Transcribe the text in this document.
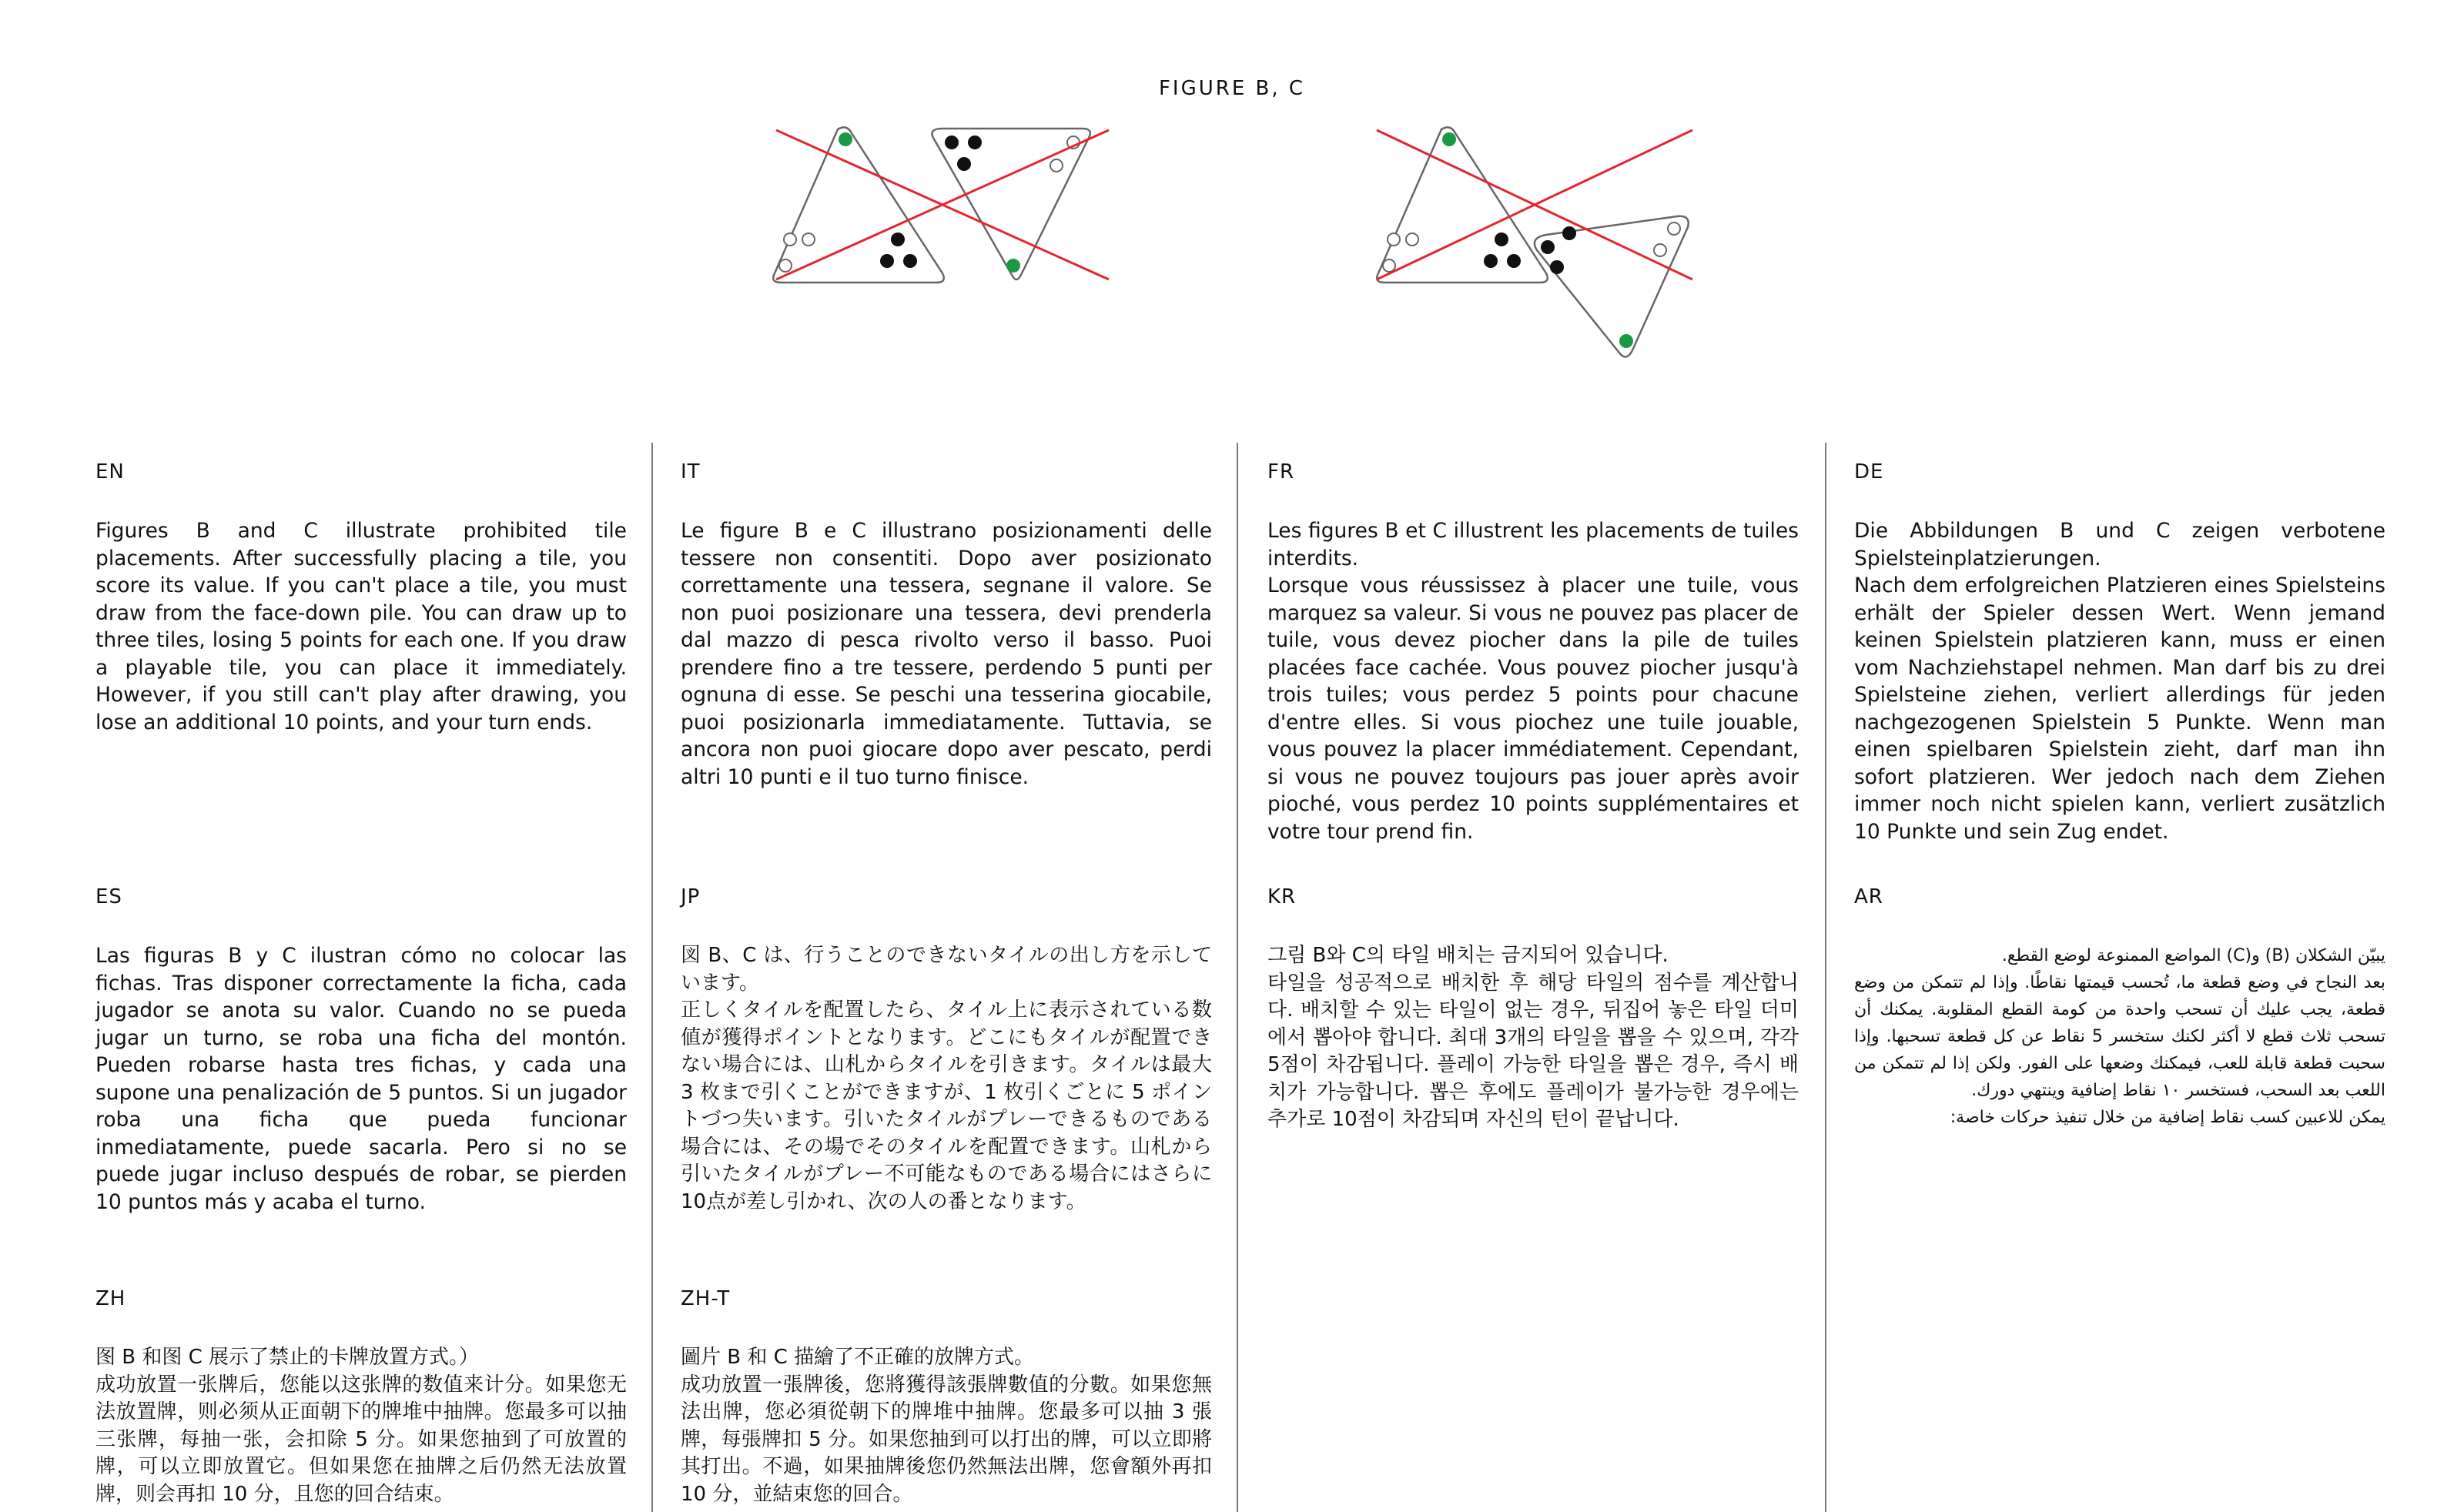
FIGURE B, C
EN

Figures B and C illustrate prohibited tile placements. After successfully placing a tile, you score its value. If you can't place a tile, you must draw from the face-down pile. You can draw up to three tiles, losing 5 points for each one. If you draw a playable tile, you can place it immediately. However, if you still can't play after drawing, you lose an additional 10 points, and your turn ends.

IT

Le figure B e C illustrano posizionamenti delle tessere non consentiti. Dopo aver posizionato correttamente una tessera, segnane il valore. Se non puoi posizionare una tessera, devi prenderla dal mazzo di pesca rivolto verso il basso. Puoi prendere fino a tre tessere, perdendo 5 punti per ognuna di esse. Se peschi una tesserina giocabile, puoi posizionarla immediatamente. Tuttavia, se ancora non puoi giocare dopo aver pescato, perdi altri 10 punti e il tuo turno finisce.

FR

Les figures B et C illustrent les placements de tuiles interdits.
Lorsque vous réussissez à placer une tuile, vous marquez sa valeur. Si vous ne pouvez pas placer de tuile, vous devez piocher dans la pile de tuiles placées face cachée. Vous pouvez piocher jusqu'à trois tuiles; vous perdez 5 points pour chacune d'entre elles. Si vous piochez une tuile jouable, vous pouvez la placer immédiatement. Cependant, si vous ne pouvez toujours pas jouer après avoir pioché, vous perdez 10 points supplémentaires et votre tour prend fin.

DE

Die Abbildungen B und C zeigen verbotene Spielsteinplatzierungen.
Nach dem erfolgreichen Platzieren eines Spielsteins erhält der Spieler dessen Wert. Wenn jemand keinen Spielstein platzieren kann, muss er einen vom Nachziehstapel nehmen. Man darf bis zu drei Spielsteine ziehen, verliert allerdings für jeden nachgezogenen Spielstein 5 Punkte. Wenn man einen spielbaren Spielstein zieht, darf man ihn sofort platzieren. Wer jedoch nach dem Ziehen immer noch nicht spielen kann, verliert zusätzlich 10 Punkte und sein Zug endet.

ES

Las figuras B y C ilustran cómo no colocar las fichas. Tras disponer correctamente la ficha, cada jugador se anota su valor. Cuando no se pueda jugar un turno, se roba una ficha del montón. Pueden robarse hasta tres fichas, y cada una supone una penalización de 5 puntos. Si un jugador roba una ficha que pueda funcionar inmediatamente, puede sacarla. Pero si no se puede jugar incluso después de robar, se pierden 10 puntos más y acaba el turno.

JP

図 B、C は、行うことのできないタイルの出し方を示しています。
正しくタイルを配置したら、タイル上に表示されている数値が獲得ポイントとなります。どこにもタイルが配置できない場合には、山札からタイルを引きます。タイルは最大 3 枚まで引くことができますが、1 枚引くごとに 5 ポイントづつ失います。引いたタイルがプレーできるものである場合には、その場でそのタイルを配置できます。山札から引いたタイルがプレー不可能なものである場合にはさらに10点が差し引かれ、次の人の番となります。

KR

그림 B와 C의 타일 배치는 금지되어 있습니다.
타일을 성공적으로 배치한 후 해당 타일의 점수를 계산합니다. 배치할 수 있는 타일이 없는 경우, 뒤집어 놓은 타일 더미에서 뽑아야 합니다. 최대 3개의 타일을 뽑을 수 있으며, 각각 5점이 차감됩니다. 플레이 가능한 타일을 뽑은 경우, 즉시 배치가 가능합니다. 뽑은 후에도 플레이가 불가능한 경우에는 추가로 10점이 차감되며 자신의 턴이 끝납니다.

AR

يبيّن الشكلان (B) و(C) المواضع الممنوعة لوضع القطع.
بعد النجاح في وضع قطعة ما، تُحسب قيمتها نقاطًا. وإذا لم تتمكن من وضع قطعة، يجب عليك أن تسحب واحدة من كومة القطع المقلوبة. يمكنك أن تسحب ثلاث قطع لا أكثر لكنك ستخسر 5 نقاط عن كل قطعة تسحبها. وإذا سحبت قطعة قابلة للعب، فيمكنك وضعها على الفور. ولكن إذا لم تتمكن من اللعب بعد السحب، فستخسر ١٠ نقاط إضافية وينتهي دورك.
يمكن للاعبين كسب نقاط إضافية من خلال تنفيذ حركات خاصة:

ZH

图 B 和图 C 展示了禁止的卡牌放置方式。）
成功放置一张牌后，您能以这张牌的数值来计分。如果您无法放置牌，则必须从正面朝下的牌堆中抽牌。您最多可以抽三张牌，每抽一张，会扣除 5 分。如果您抽到了可放置的牌，可以立即放置它。但如果您在抽牌之后仍然无法放置牌，则会再扣 10 分，且您的回合结束。

ZH-T

圖片 B 和 C 描繪了不正確的放牌方式。
成功放置一張牌後，您將獲得該張牌數值的分數。如果您無法出牌，您必須從朝下的牌堆中抽牌。您最多可以抽 3 張牌，每張牌扣 5 分。如果您抽到可以打出的牌，可以立即將其打出。不過，如果抽牌後您仍然無法出牌，您會額外再扣 10 分，並結束您的回合。
